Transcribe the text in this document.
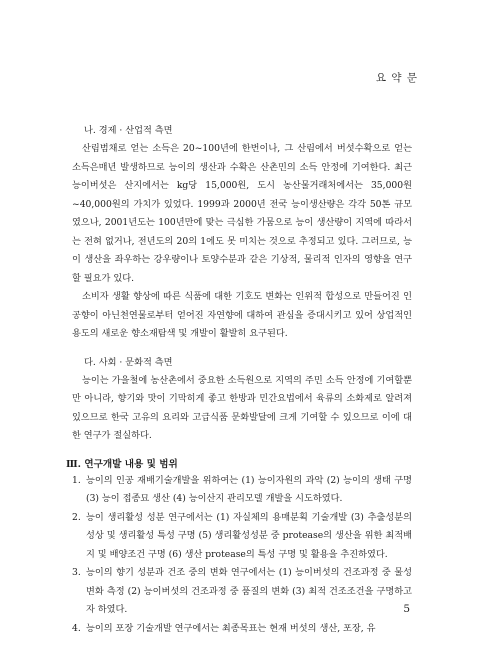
요 약 문
나. 경제 · 산업적 측면

산림범채로 얻는 소득은 20~100년에 한번이나, 그 산림에서 버섯수확으로 얻는 소득은매년 발생하므로 능이의 생산과 수확은 산촌민의 소득 안정에 기여한다. 최근 능이버섯은 산지에서는 kg당 15,000원, 도시 농산물거래처에서는 35,000원~40,000원의 가치가 있었다. 1999과 2000년 전국 능이생산량은 각각 50톤 규모였으나, 2001년도는 100년만에 맞는 극심한 가뭄으로 능이 생산량이 지역에 따라서는 전혀 없거나, 전년도의 20의 1에도 못 미치는 것으로 추정되고 있다. 그러므로, 능이 생산을 좌우하는 강우량이나 토양수분과 같은 기상적, 물리적 인자의 영향을 연구할 필요가 있다.

소비자 생활 향상에 따른 식품에 대한 기호도 변화는 인위적 합성으로 만들어진 인공향이 아닌천연물로부터 얻어진 자연향에 대하여 관심을 증대시키고 있어 상업적인 용도의 새로운 향소재탐색 및 개발이 활발히 요구된다.

다. 사회 · 문화적 측면

능이는 가을철에 농산촌에서 중요한 소득원으로 지역의 주민 소득 안정에 기여할뿐만 아니라, 향기와 맛이 기막히게 좋고 한방과 민간요법에서 육류의 소화제로 알려져 있으므로 한국 고유의 요리와 고급식품 문화발달에 크게 기여할 수 있으므로 이에 대한 연구가 절실하다.

Ⅲ. 연구개발 내용 및 범위
1. 능이의 인공 재배기술개발을 위하여는 (1) 능이자원의 과악 (2) 능이의 생태 구명 (3) 능이 접종묘 생산 (4) 능이산지 관리모델 개발을 시도하였다.
2. 능이 생리활성 성분 연구에서는 (1) 자실체의 용매분획 기술개발 (3) 추출성분의 성상 및 생리활성 특성 구명 (5) 생리활성성분 중 protease의 생산을 위한 최적배지 및 배양조건 구명 (6) 생산 protease의 특성 구명 및 활용을 추진하였다.
3. 능이의 향기 성분과 건조 중의 변화 연구에서는 (1) 능이버섯의 건조과정 중 물성변화 측정 (2) 능이버섯의 건조과정 중 품질의 변화 (3) 최적 건조조건을 구명하고자 하였다.
4. 능이의 포장 기술개발 연구에서는 최종목표는 현재 버섯의 생산, 포장, 유
5
